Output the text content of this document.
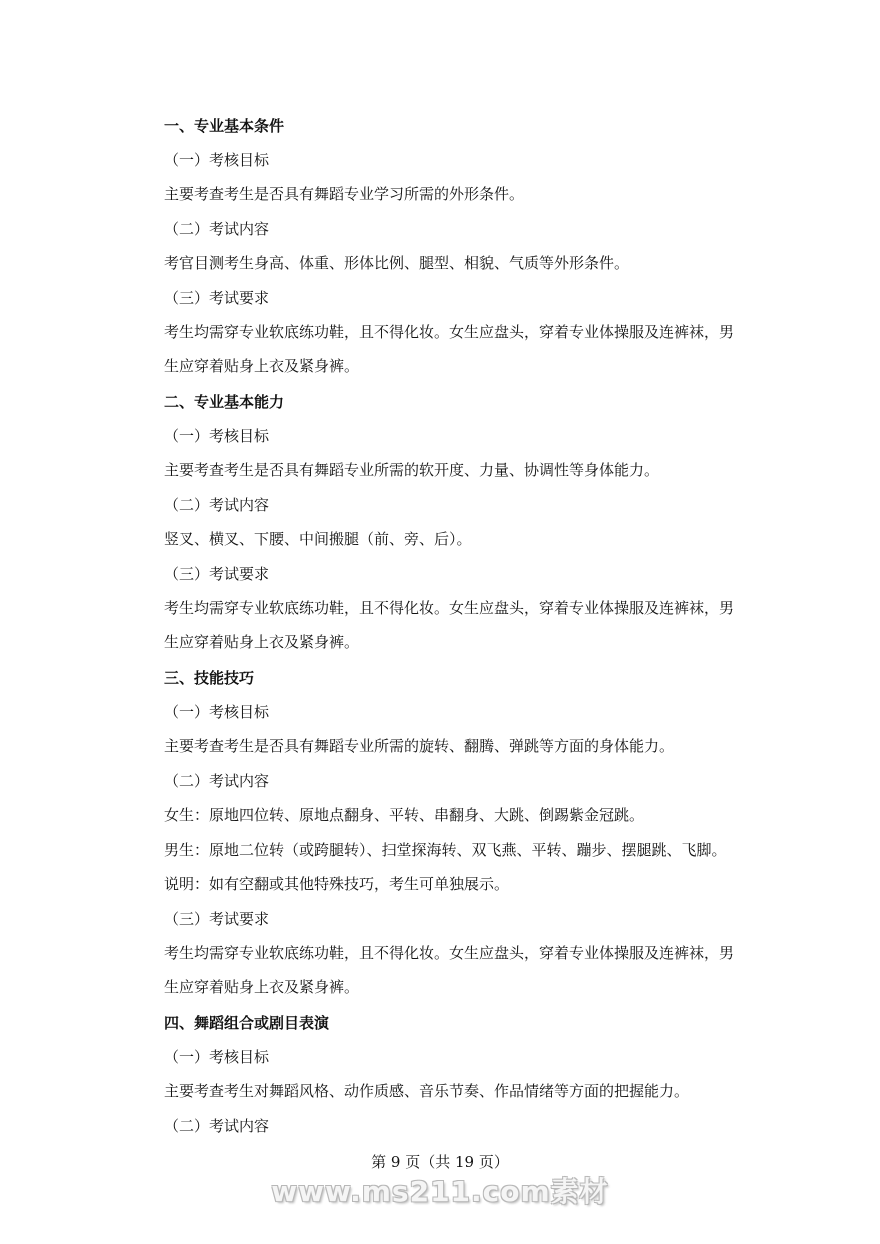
一、专业基本条件
（一）考核目标
主要考查考生是否具有舞蹈专业学习所需的外形条件。
（二）考试内容
考官目测考生身高、体重、形体比例、腿型、相貌、气质等外形条件。
（三）考试要求
考生均需穿专业软底练功鞋，且不得化妆。女生应盘头，穿着专业体操服及连裤袜，男
生应穿着贴身上衣及紧身裤。
二、专业基本能力
（一）考核目标
主要考查考生是否具有舞蹈专业所需的软开度、力量、协调性等身体能力。
（二）考试内容
竖叉、横叉、下腰、中间搬腿（前、旁、后）。
（三）考试要求
考生均需穿专业软底练功鞋，且不得化妆。女生应盘头，穿着专业体操服及连裤袜，男
生应穿着贴身上衣及紧身裤。
三、技能技巧
（一）考核目标
主要考查考生是否具有舞蹈专业所需的旋转、翻腾、弹跳等方面的身体能力。
（二）考试内容
女生：原地四位转、原地点翻身、平转、串翻身、大跳、倒踢紫金冠跳。
男生：原地二位转（或跨腿转）、扫堂探海转、双飞燕、平转、蹦步、摆腿跳、飞脚。
说明：如有空翻或其他特殊技巧，考生可单独展示。
（三）考试要求
考生均需穿专业软底练功鞋，且不得化妆。女生应盘头，穿着专业体操服及连裤袜，男
生应穿着贴身上衣及紧身裤。
四、舞蹈组合或剧目表演
（一）考核目标
主要考查考生对舞蹈风格、动作质感、音乐节奏、作品情绪等方面的把握能力。
（二）考试内容
第 9 页（共 19 页）
www.ms211.com素材
